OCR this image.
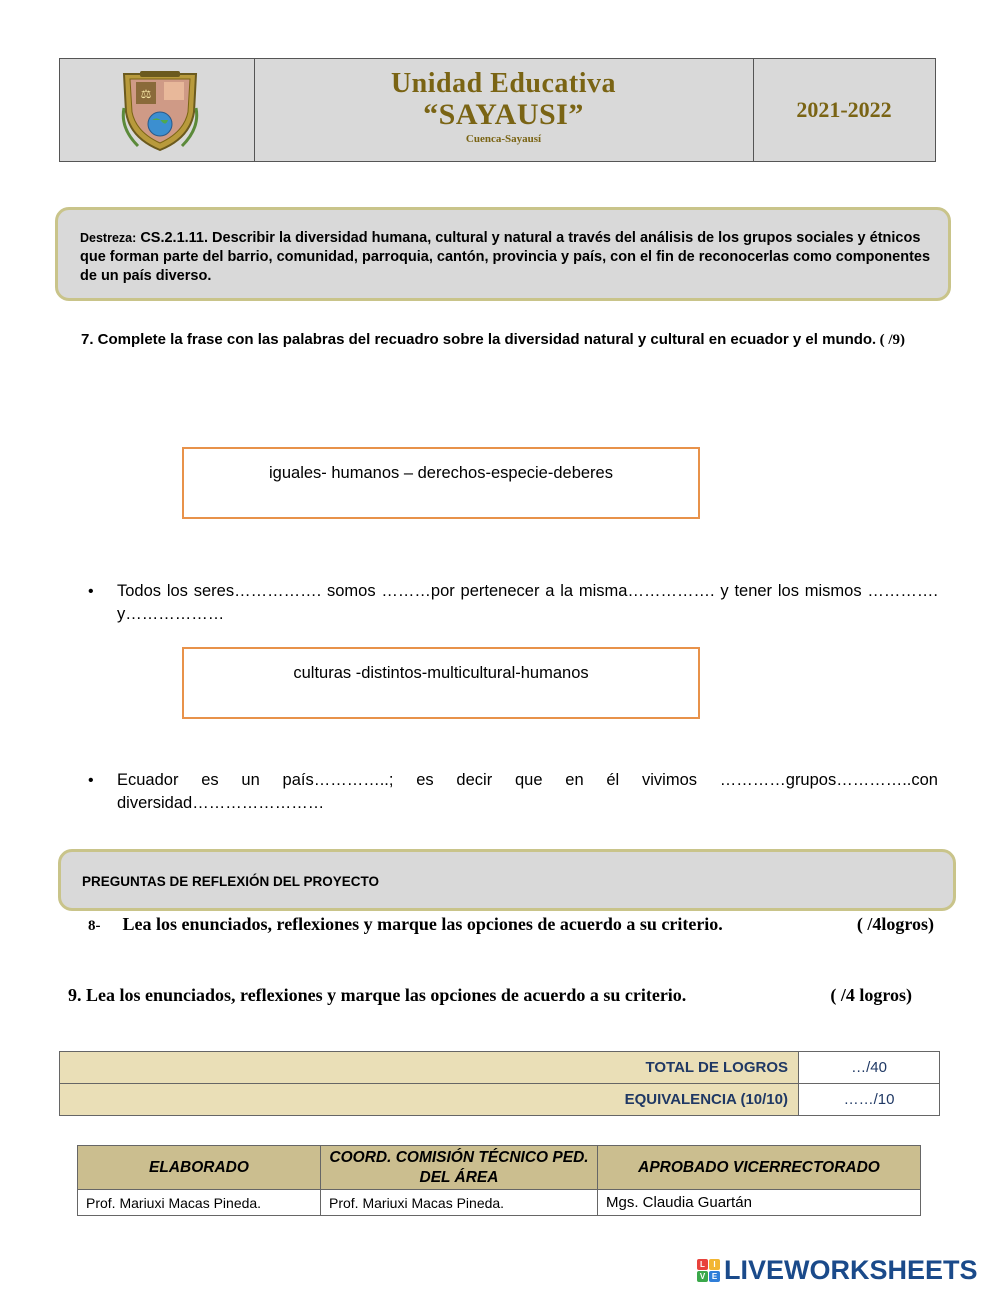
⚖	Unidad Educativa
“SAYAUSI”
Cuenca-Sayausí
2021-2022
Destreza: CS.2.1.11. Describir la diversidad humana, cultural y natural a través del análisis de los grupos sociales y étnicos que forman parte del barrio, comunidad, parroquia, cantón, provincia y país, con el fin de reconocerlas como componentes de un país diverso.
7. Complete la frase con las palabras del recuadro sobre la diversidad natural y cultural en ecuador y el mundo. ( /9)
iguales- humanos – derechos-especie-deberes
• Todos los seres……………. somos ………por pertenecer a la misma……………. y tener los mismos …………. y………………
culturas -distintos-multicultural-humanos
• Ecuador es un país…………..; es decir que en él vivimos …………grupos…………..con diversidad……………………
PREGUNTAS DE REFLEXIÓN DEL PROYECTO
8- Lea los enunciados, reflexiones y marque las opciones de acuerdo a su criterio.	( /4logros)
9. Lea los enunciados, reflexiones y marque las opciones de acuerdo a su criterio.	( /4 logros)
TOTAL DE LOGROS	…/40
EQUIVALENCIA (10/10)	……/10
ELABORADO	COORD. COMISIÓN TÉCNICO PED. DEL ÁREA	APROBADO VICERRECTORADO
Prof. Mariuxi Macas Pineda.	Prof. Mariuxi Macas Pineda.	Mgs. Claudia Guartán
L	I
V E LIVEWORKSHEETS
